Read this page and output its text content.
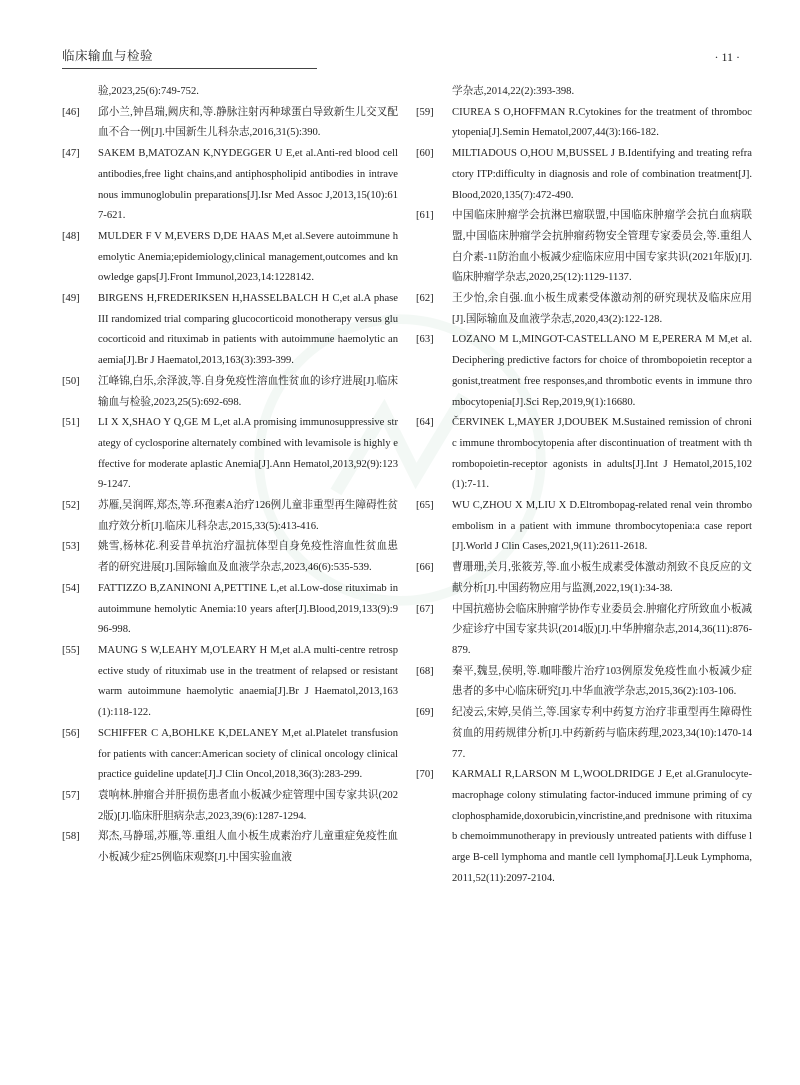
临床输血与检验	· 11 ·
验,2023,25(6):749-752.
[46]	邱小兰,钟昌瑞,阙庆和,等.静脉注射丙种球蛋白导致新生儿交叉配血不合一例[J].中国新生儿科杂志,2016,31(5):390.
[47]	SAKEM B,MATOZAN K,NYDEGGER U E,et al.Anti-red blood cell antibodies,free light chains,and antiphospholipid antibodies in intravenous immunoglobulin preparations[J].Isr Med Assoc J,2013,15(10):617-621.
[48]	MULDER F V M,EVERS D,DE HAAS M,et al.Severe autoimmune hemolytic Anemia;epidemiology,clinical management,outcomes and knowledge gaps[J].Front Immunol,2023,14:1228142.
[49]	BIRGENS H,FREDERIKSEN H,HASSELBALCH H C,et al.A phase III randomized trial comparing glucocorticoid monotherapy versus glucocorticoid and rituximab in patients with autoimmune haemolytic anaemia[J].Br J Haematol,2013,163(3):393-399.
[50]	江峰锦,白乐,余泽波,等.自身免疫性溶血性贫血的诊疗进展[J].临床输血与检验,2023,25(5):692-698.
[51]	LI X X,SHAO Y Q,GE M L,et al.A promising immunosuppressive strategy of cyclosporine alternately combined with levamisole is highly effective for moderate aplastic Anemia[J].Ann Hematol,2013,92(9):1239-1247.
[52]	苏雁,吴润晖,郑杰,等.环孢素A治疗126例儿童非重型再生障碍性贫血疗效分析[J].临床儿科杂志,2015,33(5):413-416.
[53]	姚雪,杨林花.利妥昔单抗治疗温抗体型自身免疫性溶血性贫血患者的研究进展[J].国际输血及血液学杂志,2023,46(6):535-539.
[54]	FATTIZZO B,ZANINONI A,PETTINE L,et al.Low-dose rituximab in autoimmune hemolytic Anemia:10 years after[J].Blood,2019,133(9):996-998.
[55]	MAUNG S W,LEAHY M,O'LEARY H M,et al.A multi-centre retrospective study of rituximab use in the treatment of relapsed or resistant warm autoimmune haemolytic anaemia[J].Br J Haematol,2013,163(1):118-122.
[56]	SCHIFFER C A,BOHLKE K,DELANEY M,et al.Platelet transfusion for patients with cancer:American society of clinical oncology clinical practice guideline update[J].J Clin Oncol,2018,36(3):283-299.
[57]	袁响林.肿瘤合并肝损伤患者血小板减少症管理中国专家共识(2022版)[J].临床肝胆病杂志,2023,39(6):1287-1294.
[58]	郑杰,马静瑶,苏雁,等.重组人血小板生成素治疗儿童重症免疫性血小板减少症25例临床观察[J].中国实验血液
学杂志,2014,22(2):393-398.
[59]	CIUREA S O,HOFFMAN R.Cytokines for the treatment of thrombocytopenia[J].Semin Hematol,2007,44(3):166-182.
[60]	MILTIADOUS O,HOU M,BUSSEL J B.Identifying and treating refractory ITP:difficulty in diagnosis and role of combination treatment[J].Blood,2020,135(7):472-490.
[61]	中国临床肿瘤学会抗淋巴瘤联盟,中国临床肿瘤学会抗白血病联盟,中国临床肿瘤学会抗肿瘤药物安全管理专家委员会,等.重组人白介素-11防治血小板减少症临床应用中国专家共识(2021年版)[J].临床肿瘤学杂志,2020,25(12):1129-1137.
[62]	王少怡,余自强.血小板生成素受体激动剂的研究现状及临床应用[J].国际输血及血液学杂志,2020,43(2):122-128.
[63]	LOZANO M L,MINGOT-CASTELLANO M E,PERERA M M,et al.Deciphering predictive factors for choice of thrombopoietin receptor agonist,treatment free responses,and thrombotic events in immune thrombocytopenia[J].Sci Rep,2019,9(1):16680.
[64]	ČERVINEK L,MAYER J,DOUBEK M.Sustained remission of chronic immune thrombocytopenia after discontinuation of treatment with thrombopoietin-receptor agonists in adults[J].Int J Hematol,2015,102(1):7-11.
[65]	WU C,ZHOU X M,LIU X D.Eltrombopag-related renal vein thromboembolism in a patient with immune thrombocytopenia:a case report[J].World J Clin Cases,2021,9(11):2611-2618.
[66]	曹珊珊,关月,张筱芳,等.血小板生成素受体激动剂致不良反应的文献分析[J].中国药物应用与监测,2022,19(1):34-38.
[67]	中国抗癌协会临床肿瘤学协作专业委员会.肿瘤化疗所致血小板减少症诊疗中国专家共识(2014版)[J].中华肿瘤杂志,2014,36(11):876-879.
[68]	秦平,魏昱,侯明,等.咖啡酸片治疗103例原发免疫性血小板减少症患者的多中心临床研究[J].中华血液学杂志,2015,36(2):103-106.
[69]	纪凌云,宋婷,吴俏兰,等.国家专利中药复方治疗非重型再生障碍性贫血的用药规律分析[J].中药新药与临床药理,2023,34(10):1470-1477.
[70]	KARMALI R,LARSON M L,WOOLDRIDGE J E,et al.Granulocyte-macrophage colony stimulating factor-induced immune priming of cyclophosphamide,doxorubicin,vincristine,and prednisone with rituximab chemoimmunotherapy in previously untreated patients with diffuse large B-cell lymphoma and mantle cell lymphoma[J].Leuk Lymphoma,2011,52(11):2097-2104.
